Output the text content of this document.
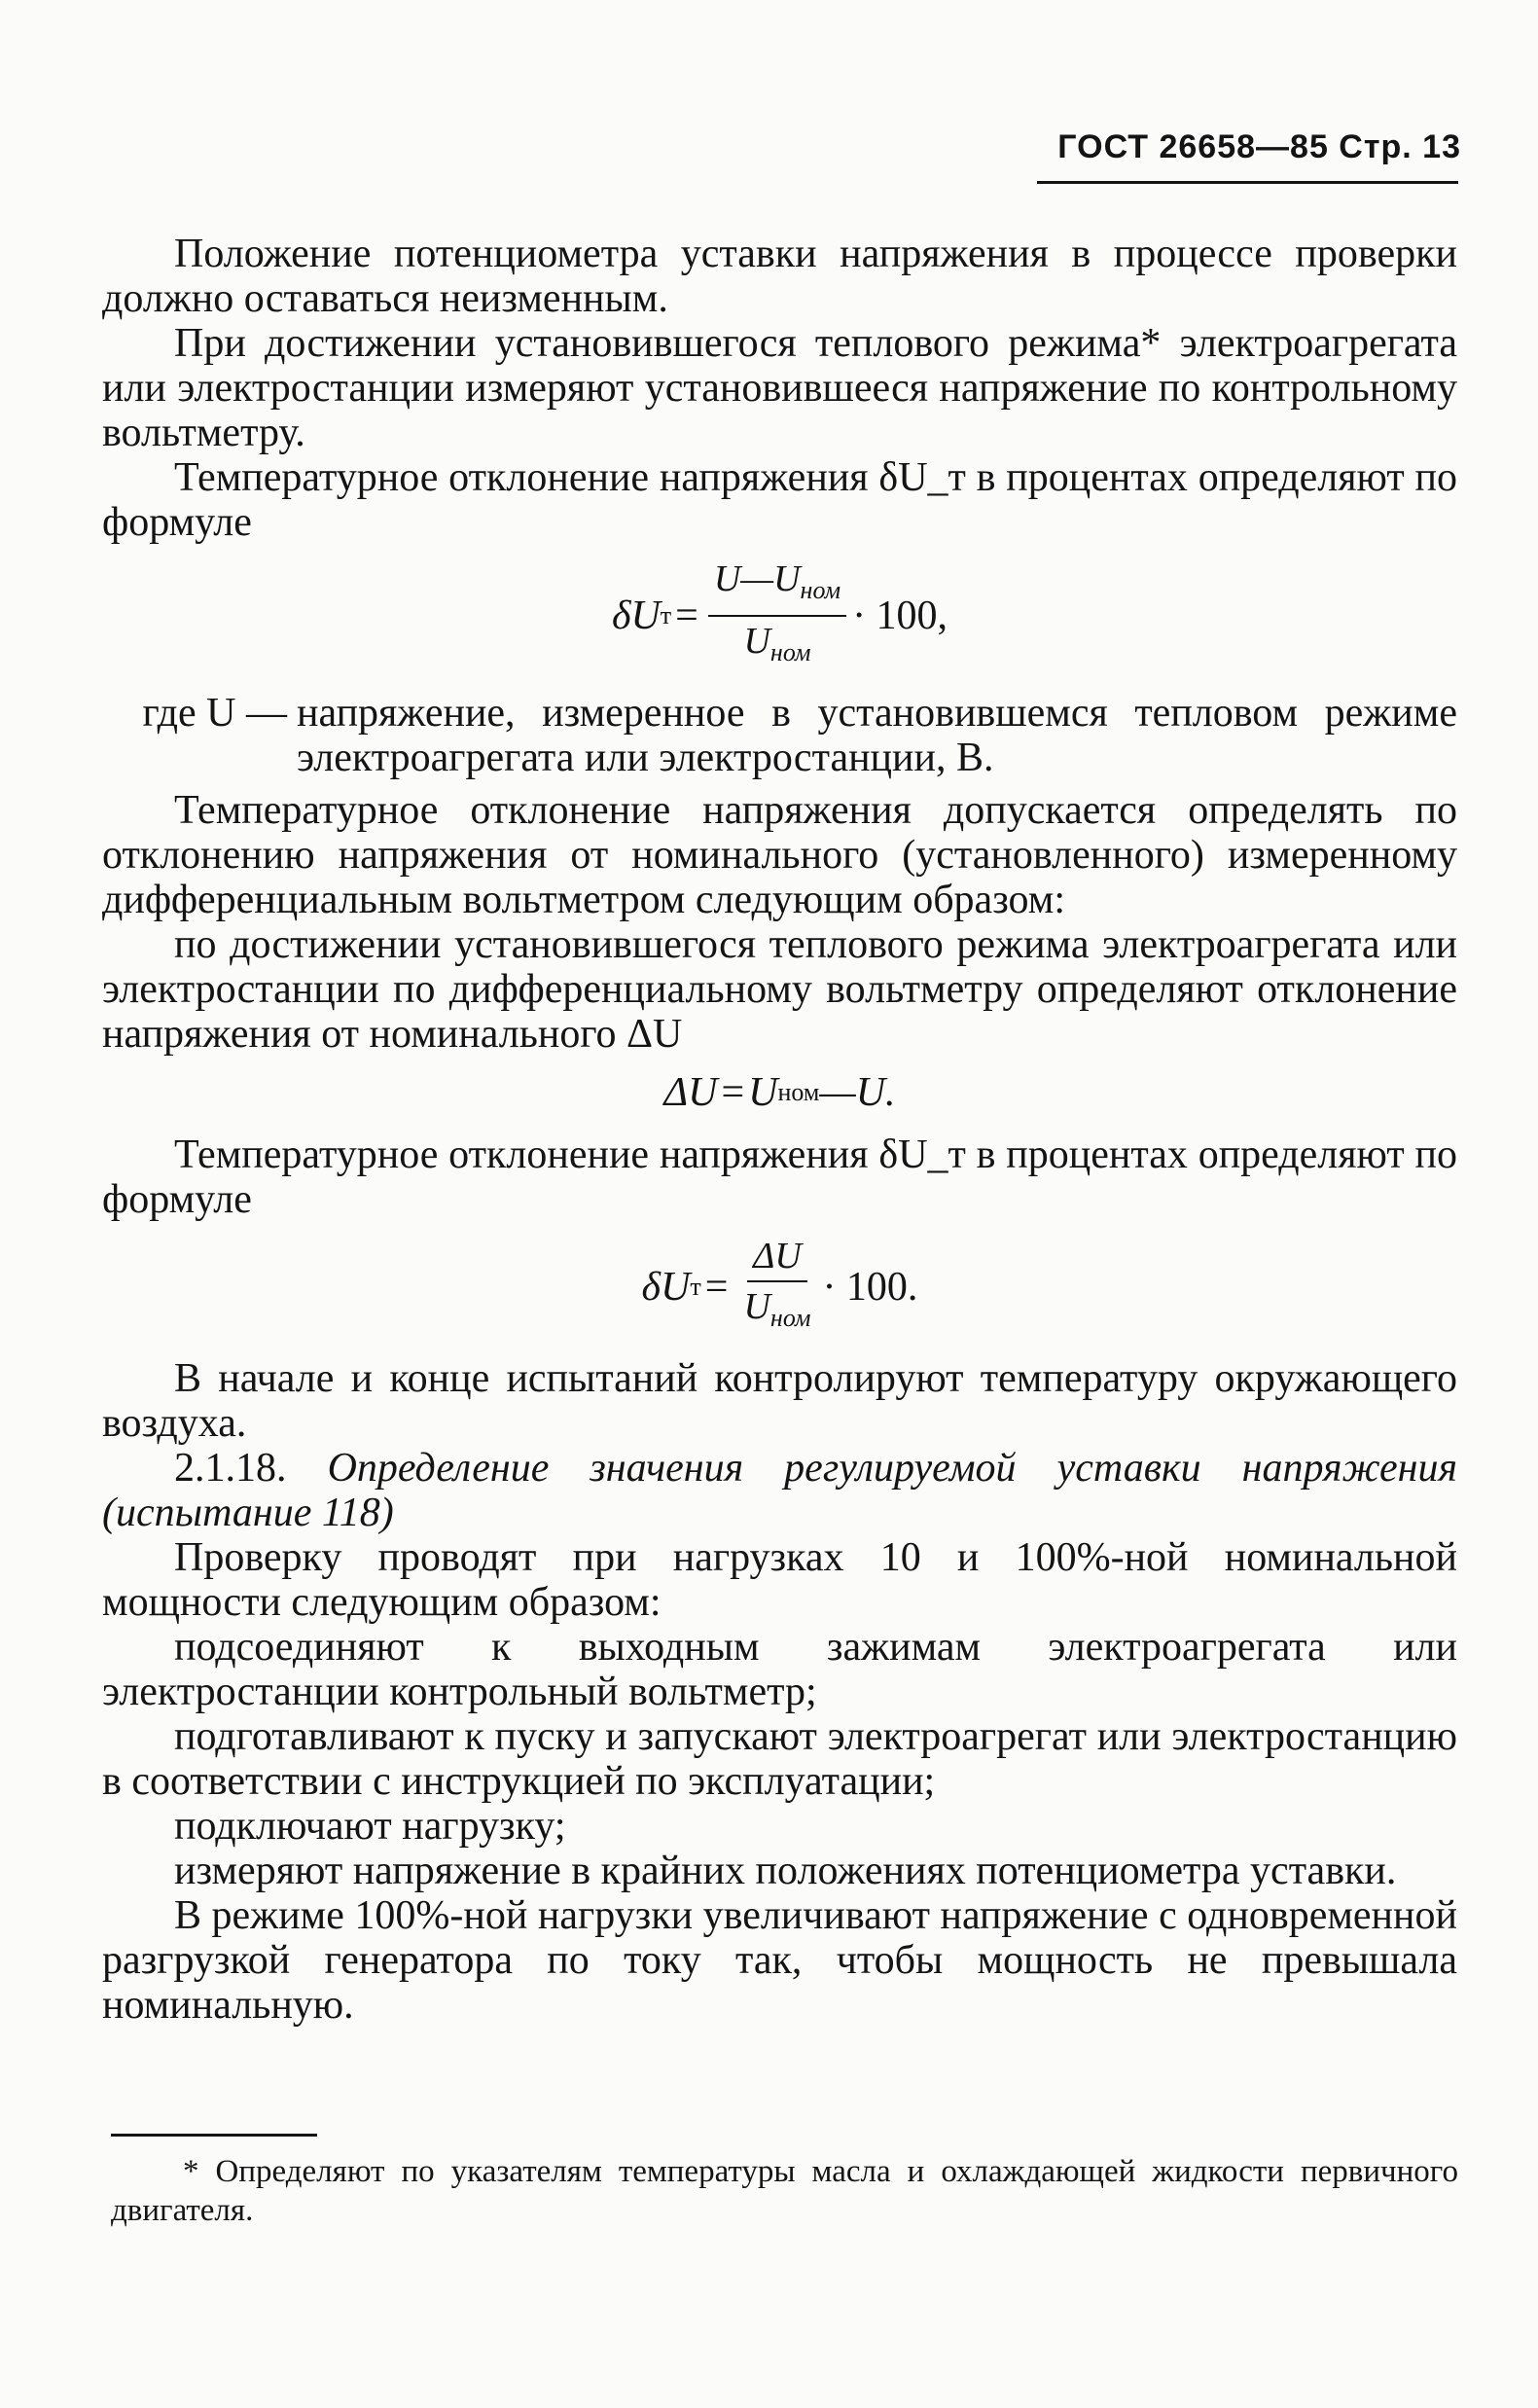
ГОСТ 26658—85 Стр. 13

Положение потенциометра уставки напряжения в процессе проверки должно оставаться неизменным.

При достижении установившегося теплового режима* электроагрегата или электростанции измеряют установившееся напряжение по контрольному вольтметру.

Температурное отклонение напряжения δU_т в процентах определяют по формуле

δU $т = \frac{U—U_{ном}}{U_{ном}} \cdot 100$,
где U — напряжение, измеренное в установившемся тепловом режиме электроагрегата или электростанции, В.

Температурное отклонение напряжения допускается определять по отклонению напряжения от номинального (установленного) измеренному дифференциальным вольтметром следующим образом:

по достижении установившегося теплового режима электроагрегата или электростанции по дифференциальному вольтметру определяют отклонение напряжения от номинального ΔU

ΔU = U ном —U.

Температурное отклонение напряжения δU_т в процентах определяют по формуле

δU $т = \frac{\Delta U}{U_{ном}} \cdot 100$.

В начале и конце испытаний контролируют температуру окружающего воздуха.

2.1.18. Определение значения регулируемой уставки напряжения (испытание 118)

Проверку проводят при нагрузках 10 и 100%-ной номинальной мощности следующим образом:

подсоединяют к выходным зажимам электроагрегата или электростанции контрольный вольтметр;

подготавливают к пуску и запускают электроагрегат или электростанцию в соответствии с инструкцией по эксплуатации;

подключают нагрузку;

измеряют напряжение в крайних положениях потенциометра уставки.

В режиме 100%-ной нагрузки увеличивают напряжение с одновременной разгрузкой генератора по току так, чтобы мощность не превышала номинальную.

* Определяют по указателям температуры масла и охлаждающей жидкости первичного двигателя.
